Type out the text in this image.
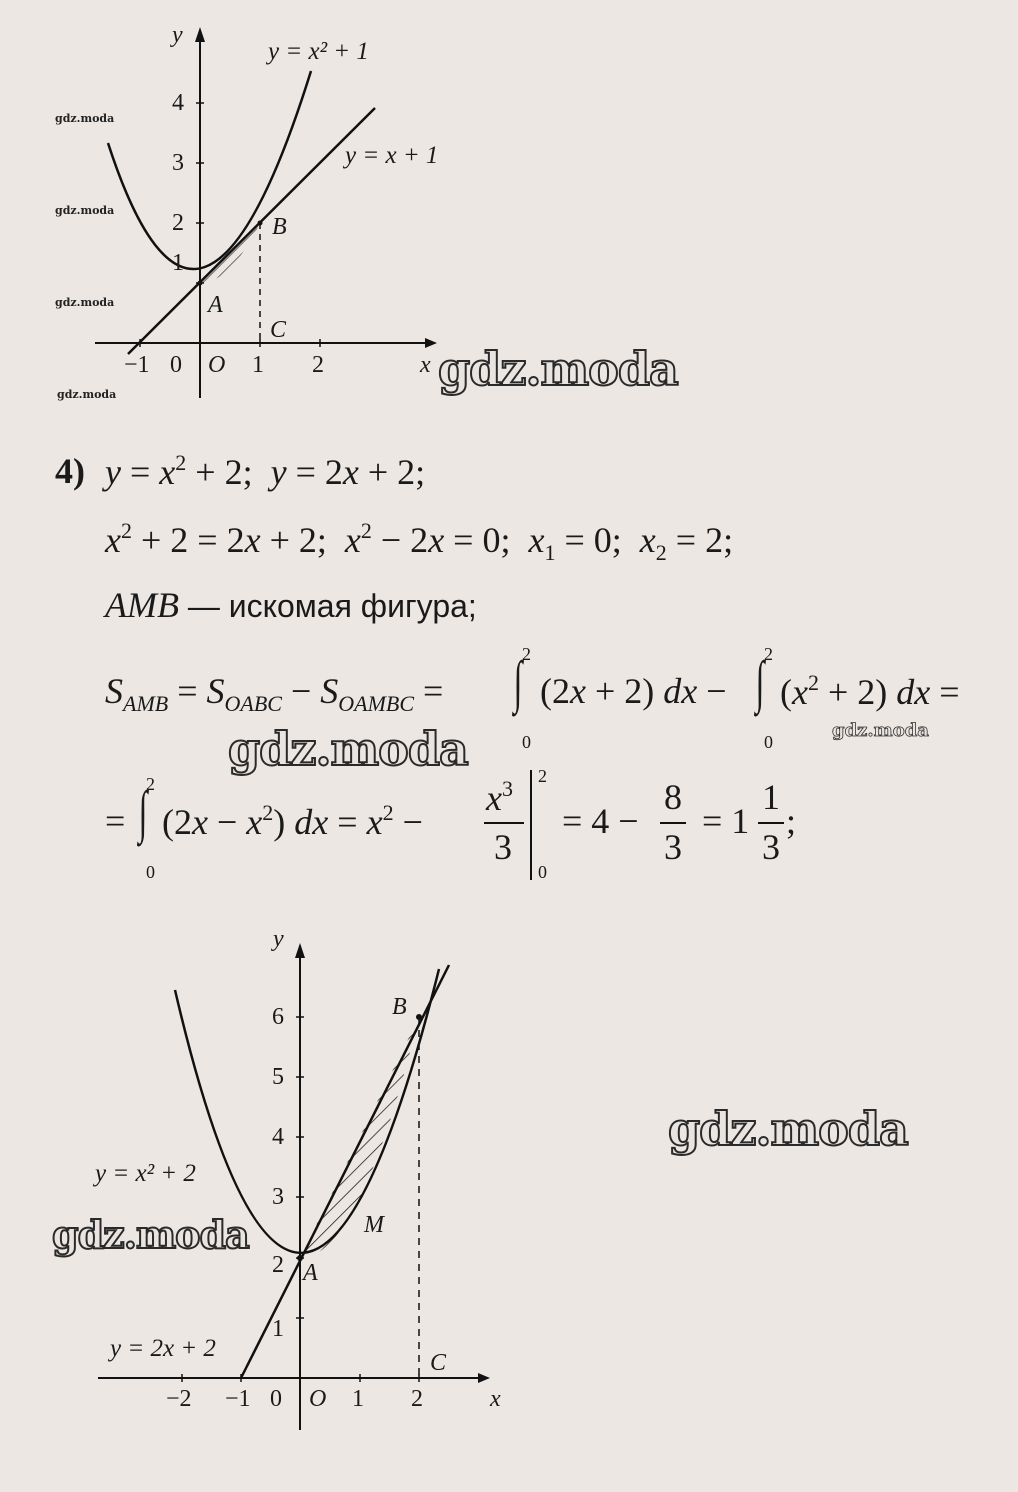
y
x
y = x² + 1
y = x + 1
4
3
2
1
−1 0 O 1 2
A
B
C
gdz.moda
gdz.moda
gdz.moda
gdz.moda	gdz.moda
4) $y = x^2 + 2$;  y = 2x + 2;
$x^2 + 2 = 2x + 2$;  $x^2 - 2x = 0$;  $x_1 = 0$;  $x_2 = 2$;
AMB — искомая фигура;
$S_{AMB} = S_{OABC} - S_{OAMBC}$ = ∫ 2
0
(2x + 2) dx − ∫ 2
0
$(x^2 + 2)$ dx =
gdz.moda
gdz.moda
= ∫
2
0
$(2x - x^2)$ dx = $x^2$ −
$x^3$
3
2
0
= 4 −
8
3
= 1
1
3
;
y
x
y = x² + 2
y = 2x + 2
6
5
4
3
2
1
−2 −1 0 O 1 2
A
B
C
M
gdz.moda
gdz.moda
